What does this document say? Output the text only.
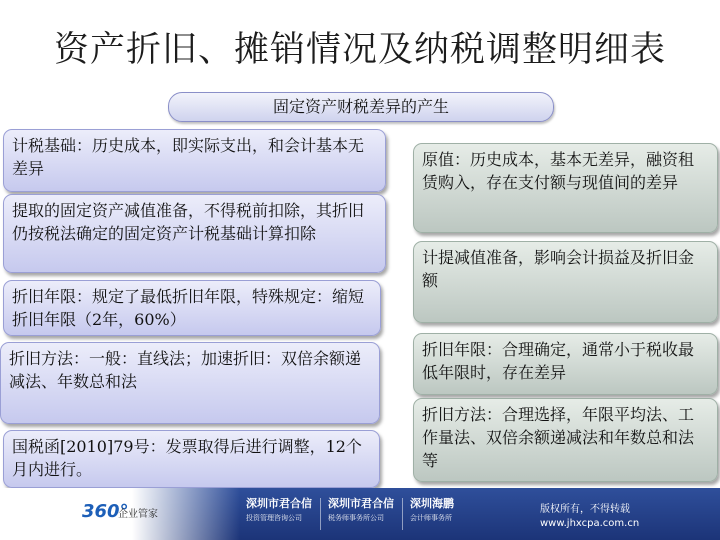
资产折旧、摊销情况及纳税调整明细表
固定资产财税差异的产生
计税基础：历史成本，即实际支出，和会计基本无差异
提取的固定资产减值准备，不得税前扣除，其折旧仍按税法确定的固定资产计税基础计算扣除
折旧年限：规定了最低折旧年限，特殊规定：缩短折旧年限（2年，60%）
折旧方法：一般：直线法；加速折旧：双倍余额递减法、年数总和法
国税函[2010]79号：发票取得后进行调整，12个月内进行。
原值：历史成本，基本无差异，融资租赁购入，存在支付额与现值间的差异
计提减值准备，影响会计损益及折旧金额
折旧年限：合理确定，通常小于税收最低年限时，存在差异
折旧方法：合理选择，年限平均法、工作量法、双倍余额递减法和年数总和法等
360°
企业管家
深圳市君合信
投资管理咨询公司
深圳市君合信
税务师事务所公司
深圳海鹏
会计师事务所
版权所有，不得转载
www.jhxcpa.com.cn
